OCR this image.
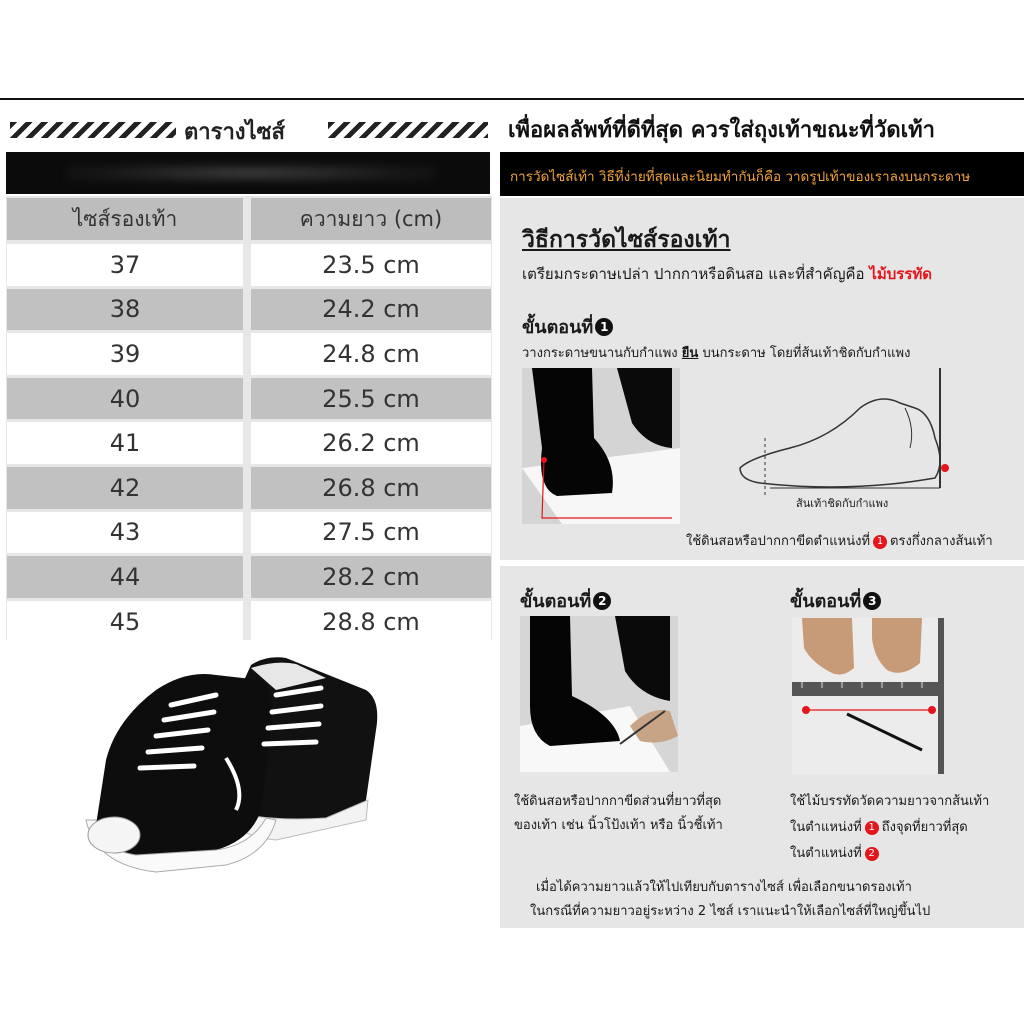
ตารางไซส์
ไซส์รองเท้า	ความยาว (cm)
37	23.5 cm
38	24.2 cm
39	24.8 cm
40	25.5 cm
41	26.2 cm
42	26.8 cm
43	27.5 cm
44	28.2 cm
45	28.8 cm
เพื่อผลลัพท์ที่ดีที่สุด ควรใส่ถุงเท้าขณะที่วัดเท้า
การวัดไซส์เท้า วิธีที่ง่ายที่สุดและนิยมทำกันก็คือ วาดรูปเท้าของเราลงบนกระดาษ
วิธีการวัดไซส์รองเท้า
เตรียมกระดาษเปล่า ปากกาหรือดินสอ และที่สำคัญคือ ไม้บรรทัด
ขั้นตอนที่ 1
วางกระดาษขนานกับกำแพง ยืน บนกระดาษ โดยที่ส้นเท้าชิดกับกำแพง
ส้นเท้าชิดกับกำแพง
ใช้ดินสอหรือปากกาขีดตำแหน่งที่ 1 ตรงกึ่งกลางส้นเท้า
ขั้นตอนที่ 2
ใช้ดินสอหรือปากกาขีดส่วนที่ยาวที่สุด
ของเท้า เช่น นิ้วโป้งเท้า หรือ นิ้วชี้เท้า
ขั้นตอนที่ 3
ใช้ไม้บรรทัดวัดความยาวจากส้นเท้า
ในตำแหน่งที่ 1 ถึงจุดที่ยาวที่สุด
ในตำแหน่งที่ 2
เมื่อได้ความยาวแล้วให้ไปเทียบกับตารางไซส์ เพื่อเลือกขนาดรองเท้า
ในกรณีที่ความยาวอยู่ระหว่าง 2 ไซส์ เราแนะนำให้เลือกไซส์ที่ใหญ่ขึ้นไป
